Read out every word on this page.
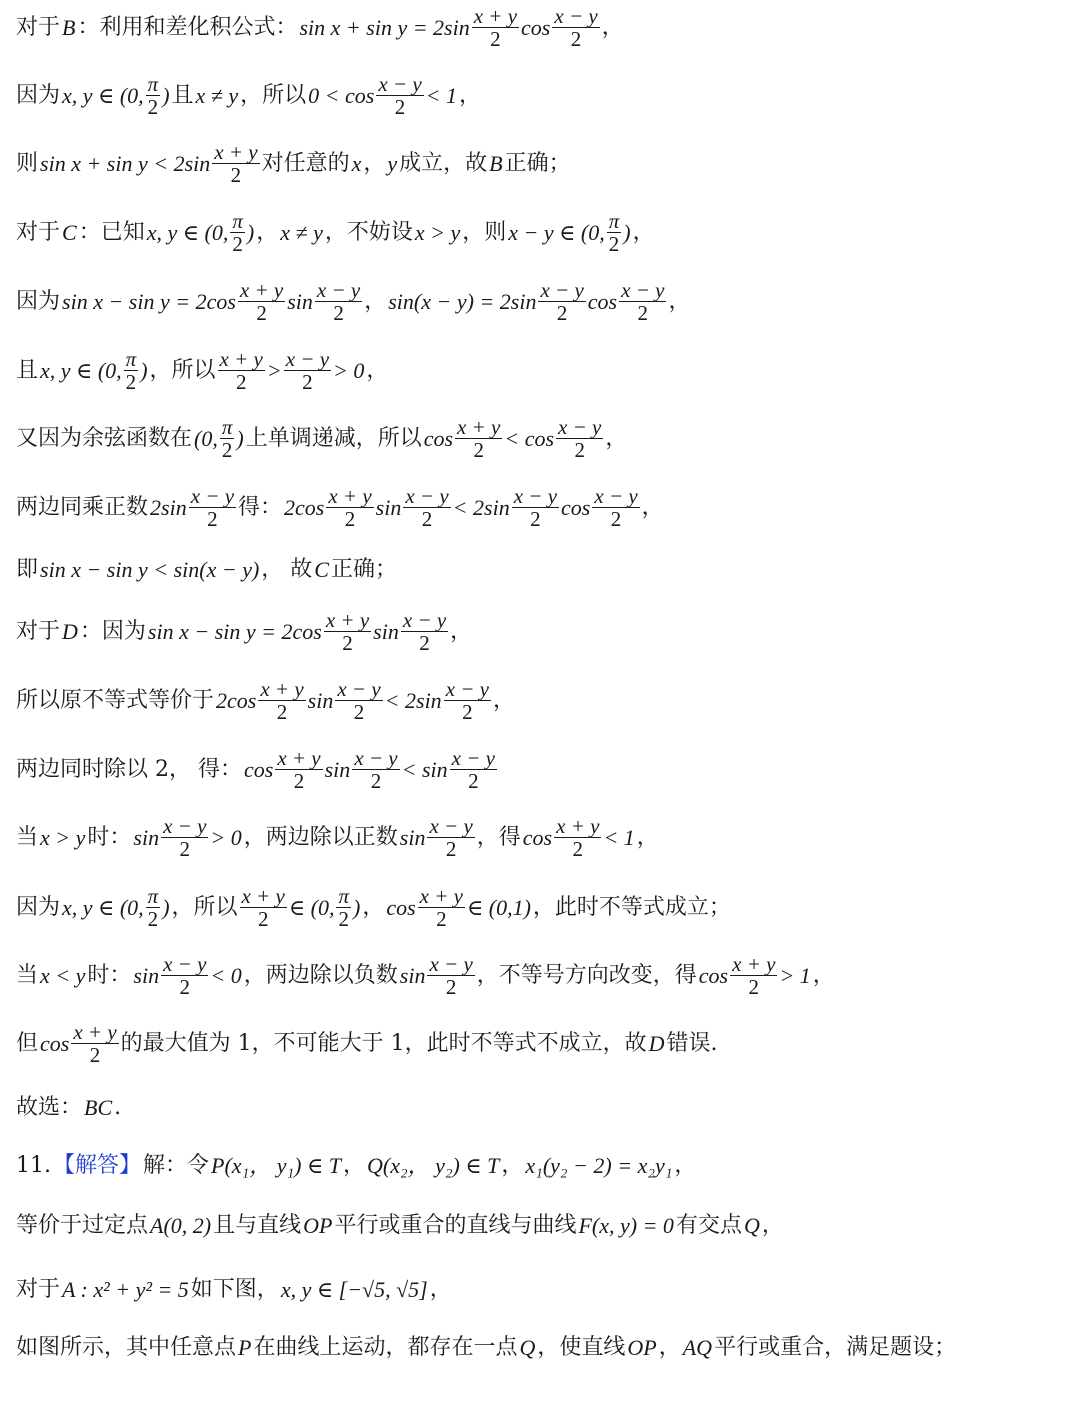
对于 B ：利用和差化积公式： $\sin x + \sin y = 2\sin \frac{x + y}{2}$ $\cos \frac{x - y}{2}$ ，
因为 x, y ∈ (0, $\frac{\pi}{2}$ ) 且 x ≠ y ，所以 $0 < \cos \frac{x - y}{2} < 1$ ，
则 $\sin x + \sin y < 2\sin \frac{x + y}{2}$ 对任意的 x ， y 成立，故 B 正确；
对于 C ：已知 x, y ∈ (0, $\frac{\pi}{2}$ ) ， x ≠ y ，不妨设 x > y ，则 x − y ∈ (0, $\frac{\pi}{2}$ ) ，
因为 $\sin x - \sin y = 2\cos \frac{x + y}{2}$ $\sin \frac{x - y}{2}$ ， $\sin(x - y) = 2\sin \frac{x - y}{2}$ $\cos \frac{x - y}{2}$ ，
且 x, y ∈ (0, $\frac{\pi}{2}$ ) ，所以 $\frac{x + y}{2} > \frac{x - y}{2} > 0$ ，
又因为余弦函数在 (0, $\frac{\pi}{2}$ ) 上单调递减，所以 $\cos \frac{x + y}{2} < \cos \frac{x - y}{2}$ ，
两边同乘正数 $2\sin \frac{x - y}{2}$ 得： $2\cos \frac{x + y}{2}$ $\sin \frac{x - y}{2} < 2\sin \frac{x - y}{2}$ $\cos \frac{x - y}{2}$ ，
即 sin x − sin y < sin(x − y) ， 故 C 正确；
对于 D ：因为 $\sin x - \sin y = 2\cos \frac{x + y}{2}$ $\sin \frac{x - y}{2}$ ，
所以原不等式等价于 $2\cos \frac{x + y}{2}$ $\sin \frac{x - y}{2} < 2\sin \frac{x - y}{2}$ ，
两边同时除以 2， 得： $\cos \frac{x + y}{2}$ $\sin \frac{x - y}{2} < \sin \frac{x - y}{2}$
当 x > y 时： $\sin \frac{x - y}{2} > 0$ ，两边除以正数 $\sin \frac{x - y}{2}$ ，得 $\cos \frac{x + y}{2} < 1$ ，
因为 x, y ∈ (0, $\frac{\pi}{2}$ ) ，所以 $\frac{x + y}{2}$ ∈ (0, $\frac{\pi}{2}$ ) ， $\cos \frac{x + y}{2}$ ∈ (0,1) ，此时不等式成立；
当 x < y 时： $\sin \frac{x - y}{2} < 0$ ，两边除以负数 $\sin \frac{x - y}{2}$ ，不等号方向改变，得 $\cos \frac{x + y}{2} > 1$ ，
但 $\cos \frac{x + y}{2}$ 的最大值为 1，不可能大于 1，此时不等式不成立，故 D 错误.
故选： BC .
11. 【解答】 解：令 P(x₁， y₁) ∈ T ， Q(x₂， y₂) ∈ T ， x₁(y₂ − 2) = x₂y₁ ，
等价于过定点 A(0, 2) 且与直线 OP 平行或重合的直线与曲线 F(x, y) = 0 有交点 Q ，
对于 A : x² + y² = 5 如下图， x, y ∈ [−√5, √5] ，
如图所示，其中任意点 P 在曲线上运动，都存在一点 Q ，使直线 OP ， AQ 平行或重合，满足题设；
